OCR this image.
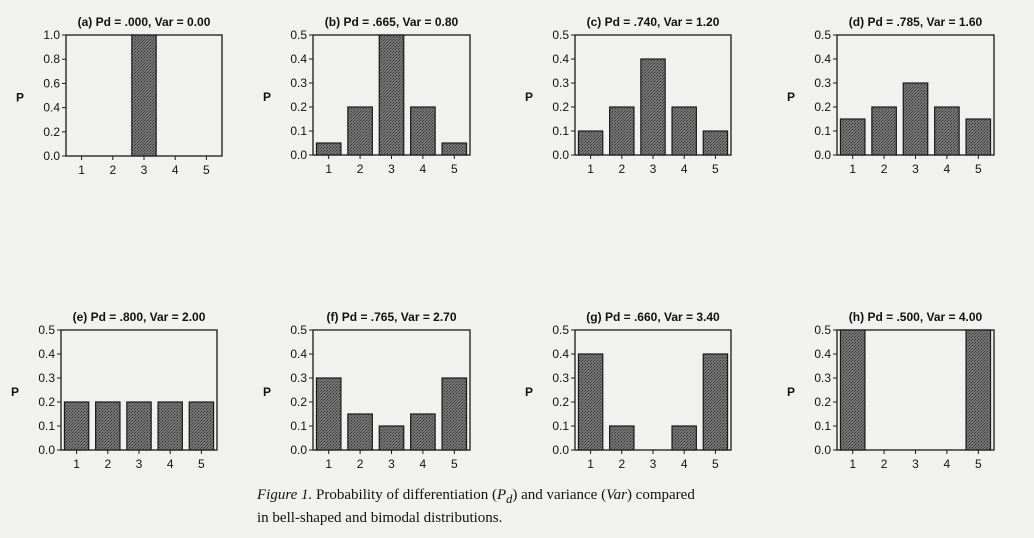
(a) Pd = .000, Var = 0.00
P
0.0
0.2
0.4
0.6
0.8
1.0
1 2 3 4 5
(b) Pd = .665, Var = 0.80
P
0.0
0.1
0.2
0.3
0.4
0.5
1 2 3 4 5
(c) Pd = .740, Var = 1.20
P
0.0
0.1
0.2
0.3
0.4
0.5
1 2 3 4 5
(d) Pd = .785, Var = 1.60
P
0.0
0.1
0.2
0.3
0.4
0.5
1 2 3 4 5
(e) Pd = .800, Var = 2.00
P
0.0
0.1
0.2
0.3
0.4
0.5
1 2 3 4 5
(f) Pd = .765, Var = 2.70
P
0.0
0.1
0.2
0.3
0.4
0.5
1 2 3 4 5
(g) Pd = .660, Var = 3.40
P
0.0
0.1
0.2
0.3
0.4
0.5
1 2 3 4 5
(h) Pd = .500, Var = 4.00
P
0.0
0.1
0.2
0.3
0.4
0.5
1 2 3 4 5
Figure 1. Probability of differentiation $(P_d)$ and variance (Var) compared
in bell-shaped and bimodal distributions.
